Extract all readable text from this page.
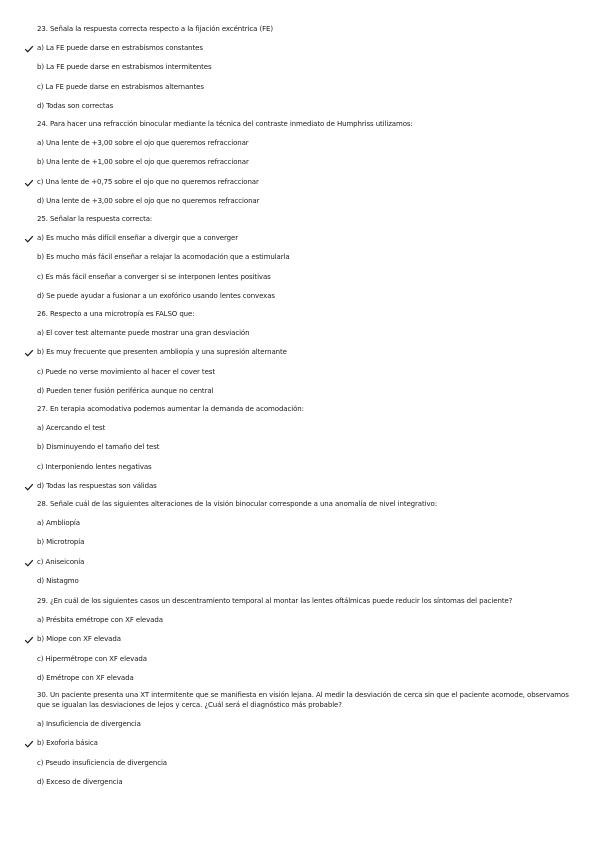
23. Señala la respuesta correcta respecto a la fijación excéntrica (FE)
a) La FE puede darse en estrabismos constantes
b) La FE puede darse en estrabismos intermitentes
c) La FE puede darse en estrabismos alternantes
d) Todas son correctas
24. Para hacer una refracción binocular mediante la técnica del contraste inmediato de Humphriss utilizamos:
a) Una lente de +3,00 sobre el ojo que queremos refraccionar
b) Una lente de +1,00 sobre el ojo que queremos refraccionar
c) Una lente de +0,75 sobre el ojo que no queremos refraccionar
d) Una lente de +3,00 sobre el ojo que no queremos refraccionar
25. Señalar la respuesta correcta:
a) Es mucho más difícil enseñar a divergir que a converger
b) Es mucho más fácil enseñar a relajar la acomodación que a estimularla
c) Es más fácil enseñar a converger si se interponen lentes positivas
d) Se puede ayudar a fusionar a un exofórico usando lentes convexas
26. Respecto a una microtropía es FALSO que:
a) El cover test alternante puede mostrar una gran desviación
b) Es muy frecuente que presenten ambliopía y una supresión alternante
c) Puede no verse movimiento al hacer el cover test
d) Pueden tener fusión periférica aunque no central
27. En terapia acomodativa podemos aumentar la demanda de acomodación:
a) Acercando el test
b) Disminuyendo el tamaño del test
c) Interponiendo lentes negativas
d) Todas las respuestas son válidas
28. Señale cuál de las siguientes alteraciones de la visión binocular corresponde a una anomalía de nivel integrativo:
a) Ambliopía
b) Microtropía
c) Aniseiconía
d) Nistagmo
29. ¿En cuál de los siguientes casos un descentramiento temporal al montar las lentes oftálmicas puede reducir los síntomas del paciente?
a) Présbita emétrope con XF elevada
b) Miope con XF elevada
c) Hipermétrope con XF elevada
d) Emétrope con XF elevada
30. Un paciente presenta una XT intermitente que se manifiesta en visión lejana. Al medir la desviación de cerca sin que el paciente acomode, observamos que se igualan las desviaciones de lejos y cerca. ¿Cuál será el diagnóstico más probable?
a) Insuficiencia de divergencia
b) Exoforia básica
c) Pseudo insuficiencia de divergencia
d) Exceso de divergencia
